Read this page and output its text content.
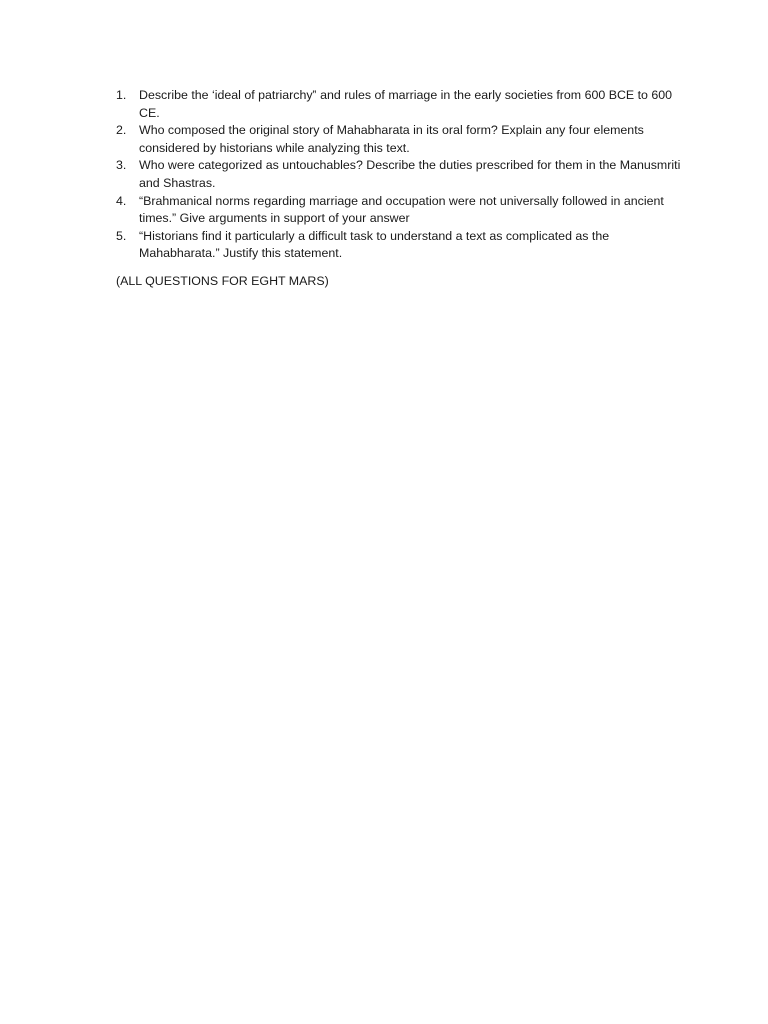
1. Describe the ‘ideal of patriarchy‟ and rules of marriage in the early societies from 600 BCE to 600 CE.
2. Who composed the original story of Mahabharata in its oral form? Explain any four elements considered by historians while analyzing this text.
3. Who were categorized as untouchables? Describe the duties prescribed for them in the Manusmriti and Shastras.
4. “Brahmanical norms regarding marriage and occupation were not universally followed in ancient times.” Give arguments in support of your answer
5. “Historians find it particularly a difficult task to understand a text as complicated as the Mahabharata.” Justify this statement.
(ALL QUESTIONS FOR EGHT MARS)
